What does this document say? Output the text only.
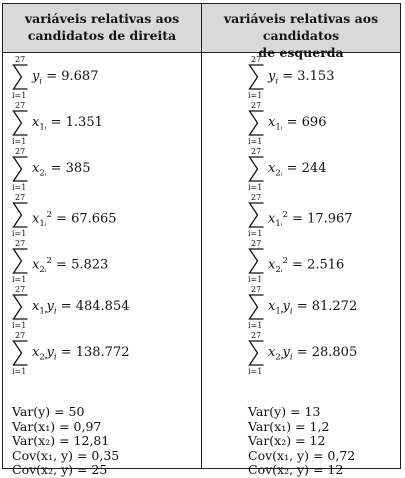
variáveis relativas aos
candidatos de direita
variáveis relativas aos candidatos
de esquerda
27
i=1
$y_i = 9.687$
27
i=1
$x_{1ᵢ} = 1.351$
27
i=1
$x_{2ᵢ} = 385$
27
i=1
$x_{1ᵢ}^2 = 67.665$
27
i=1
$x_{2ᵢ}^2 = 5.823$
27
i=1
$x_{1ᵢ}y_i = 484.854$
27
i=1
$x_{2ᵢ}y_i = 138.772$
Var(y) = 50
Var(x₁) = 0,97
Var(x₂) = 12,81
Cov(x₁, y) = 0,35
Cov(x₂, y) = 25
27
i=1
$y_i = 3.153$
27
i=1
$x_{1ᵢ} = 696$
27
i=1
$x_{2ᵢ} = 244$
27
i=1
$x_{1ᵢ}^2 = 17.967$
27
i=1
$x_{2ᵢ}^2 = 2.516$
27
i=1
$x_{1ᵢ}y_i = 81.272$
27
i=1
$x_{2ᵢ}y_i = 28.805$
Var(y) = 13
Var(x₁) = 1,2
Var(x₂) = 12
Cov(x₁, y) = 0,72
Cov(x₂, y) = 12
